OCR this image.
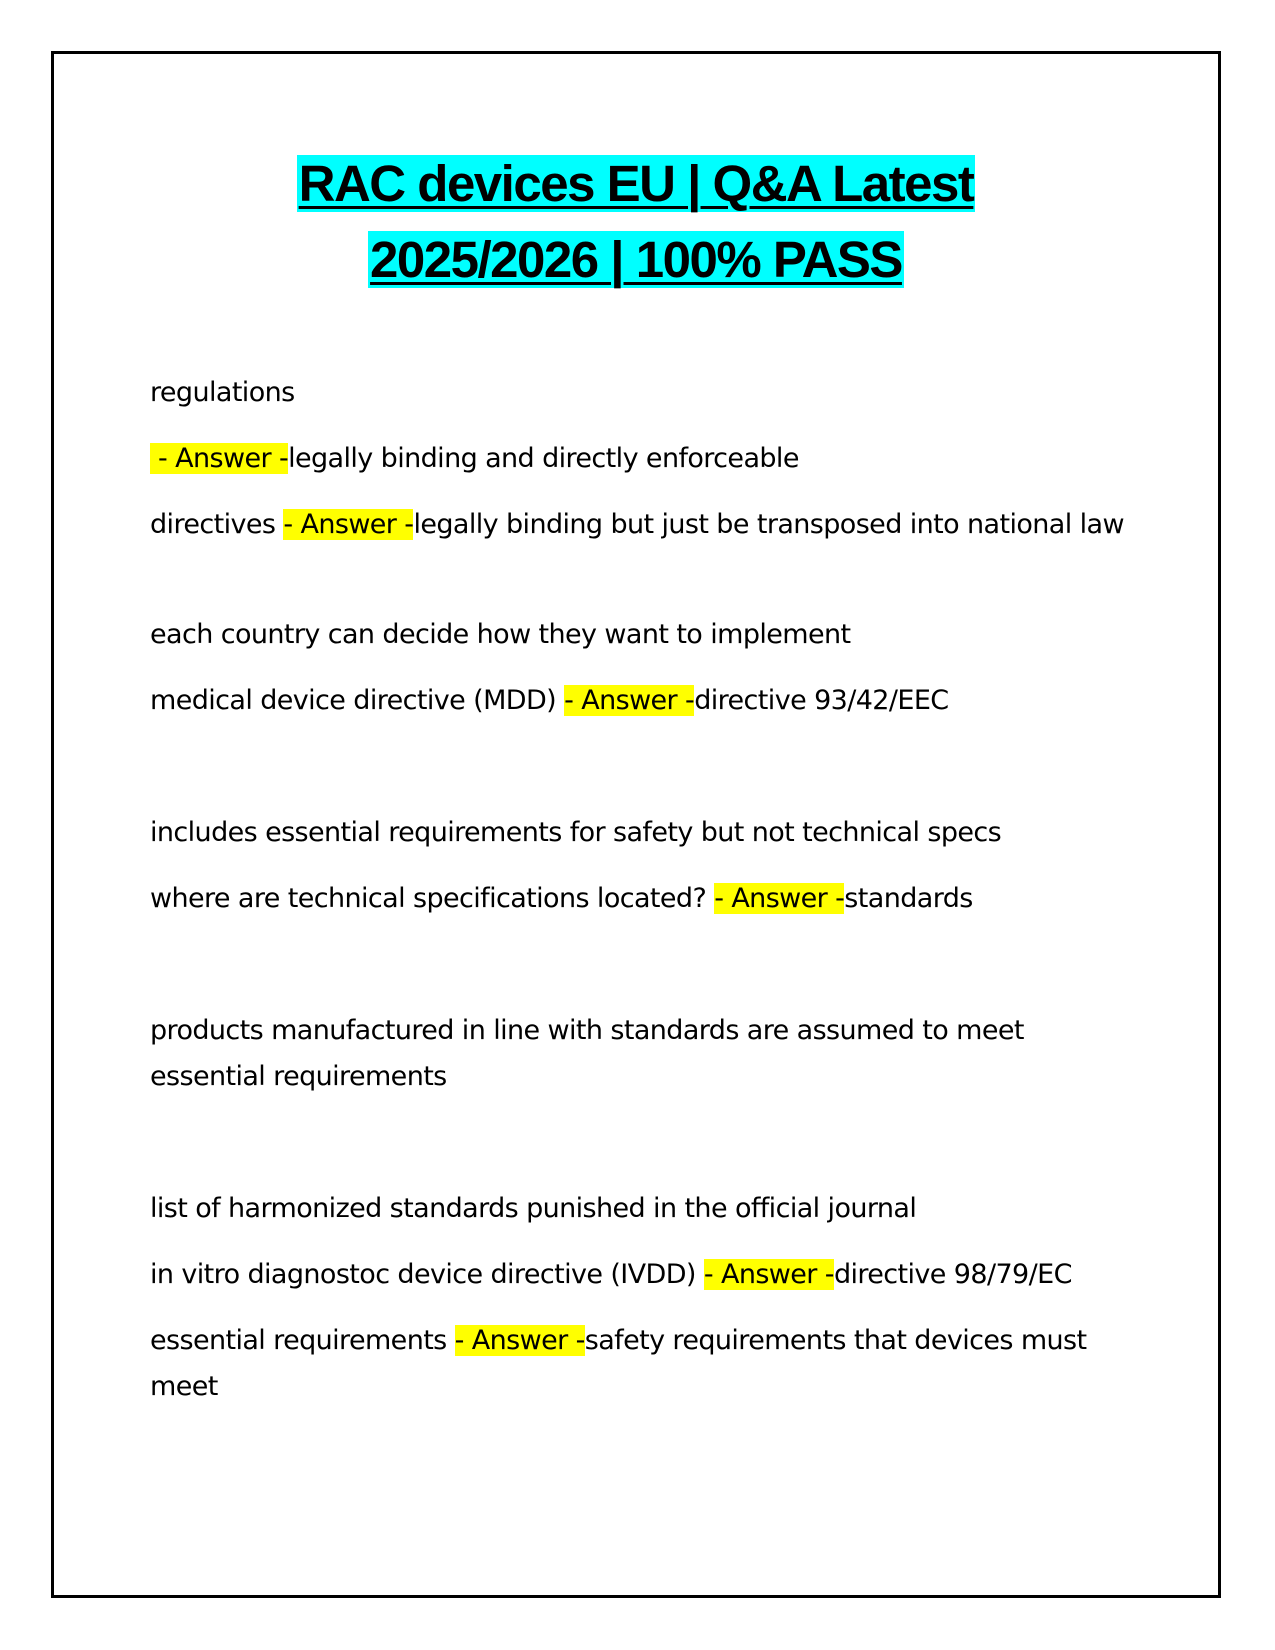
RAC devices EU | Q&A Latest
2025/2026 | 100% PASS

regulations

- Answer -legally binding and directly enforceable

directives - Answer -legally binding but just be transposed into national law

each country can decide how they want to implement

medical device directive (MDD) - Answer -directive 93/42/EEC

includes essential requirements for safety but not technical specs

where are technical specifications located? - Answer -standards

products manufactured in line with standards are assumed to meet essential requirements

list of harmonized standards punished in the official journal

in vitro diagnostoc device directive (IVDD) - Answer -directive 98/79/EC

essential requirements - Answer -safety requirements that devices must meet
